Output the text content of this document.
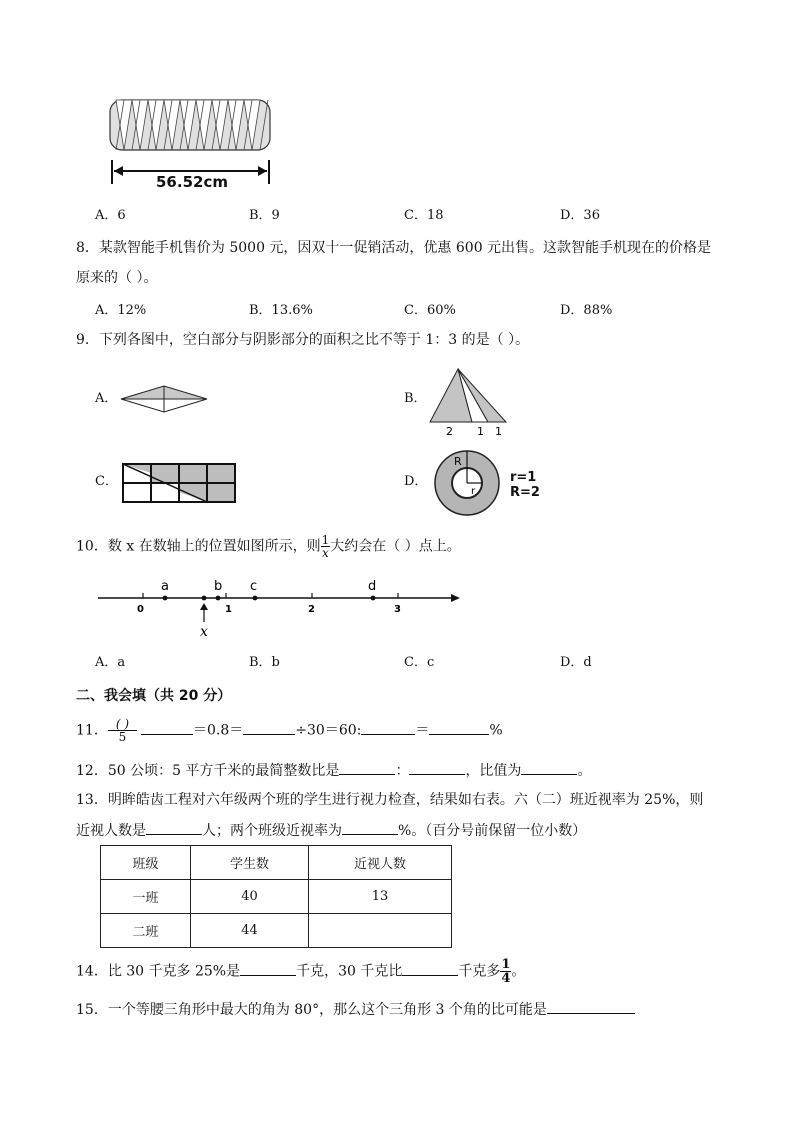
56.52cm
A．6	B．9	C．18	D．36
8．某款智能手机售价为 5000 元，因双十一促销活动，优惠 600 元出售。这款智能手机现在的价格是
原来的（ ）。
A．12%	B．13.6%	C．60%	D．88%
9．下列各图中，空白部分与阴影部分的面积之比不等于 1：3 的是（ ）。
A．	B．
2 1 1
C．	D．
R
r
r=1
R=2
10．数 x 在数轴上的位置如图所示，则 $\frac{1}{x}$ 大约会在（ ）点上。
a	b c	d
0	1	2	3
x
A．a	B．b	C．c	D．d
二、我会填（共 20 分）
11． $\frac{( )}{5}$	＝0.8＝	÷30＝60:	＝	%
12．50 公顷：5 平方千米的最简整数比是	：	，比值为	。
13．明眸皓齿工程对六年级两个班的学生进行视力检查，结果如右表。六（二）班近视率为 25%，则
近视人数是	人；两个班级近视率为	%。（百分号前保留一位小数）
班级	学生数	近视人数
一班	40	13
二班	44	
14．比 30 千克多 25%是	千克，30 千克比	千克多 $\frac{1}{4}$ 。
15．一个等腰三角形中最大的角为 80°，那么这个三角形 3 个角的比可能是
